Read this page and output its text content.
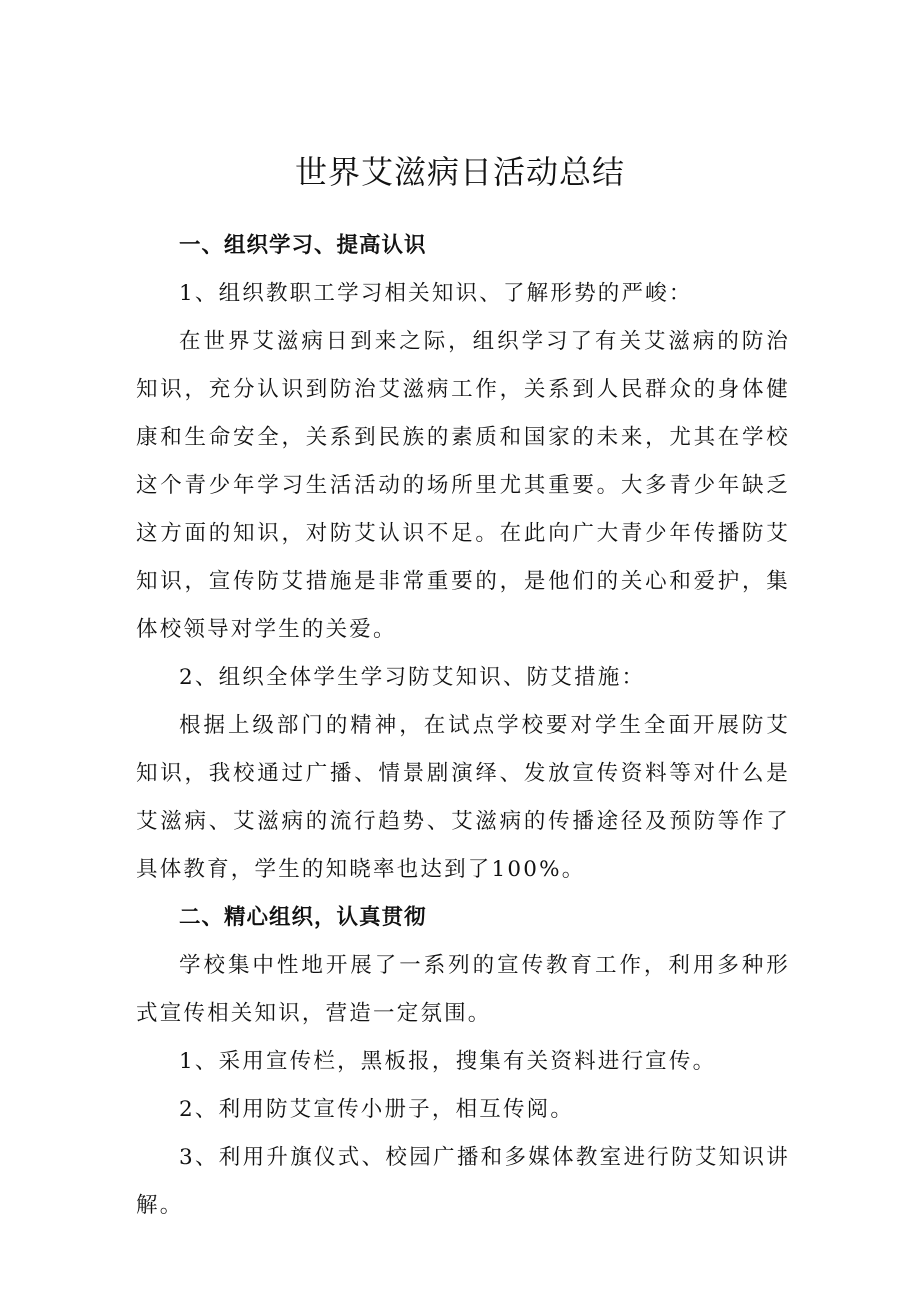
世界艾滋病日活动总结

一、组织学习、提高认识

1、组织教职工学习相关知识、了解形势的严峻：

在世界艾滋病日到来之际，组织学习了有关艾滋病的防治知识，充分认识到防治艾滋病工作，关系到人民群众的身体健康和生命安全，关系到民族的素质和国家的未来，尤其在学校这个青少年学习生活活动的场所里尤其重要。大多青少年缺乏这方面的知识，对防艾认识不足。在此向广大青少年传播防艾知识，宣传防艾措施是非常重要的，是他们的关心和爱护，集体校领导对学生的关爱。

2、组织全体学生学习防艾知识、防艾措施：

根据上级部门的精神，在试点学校要对学生全面开展防艾知识，我校通过广播、情景剧演绎、发放宣传资料等对什么是艾滋病、艾滋病的流行趋势、艾滋病的传播途径及预防等作了具体教育，学生的知晓率也达到了100%。

二、精心组织，认真贯彻

学校集中性地开展了一系列的宣传教育工作，利用多种形式宣传相关知识，营造一定氛围。

1、采用宣传栏，黑板报，搜集有关资料进行宣传。

2、利用防艾宣传小册子，相互传阅。

3、利用升旗仪式、校园广播和多媒体教室进行防艾知识讲解。
